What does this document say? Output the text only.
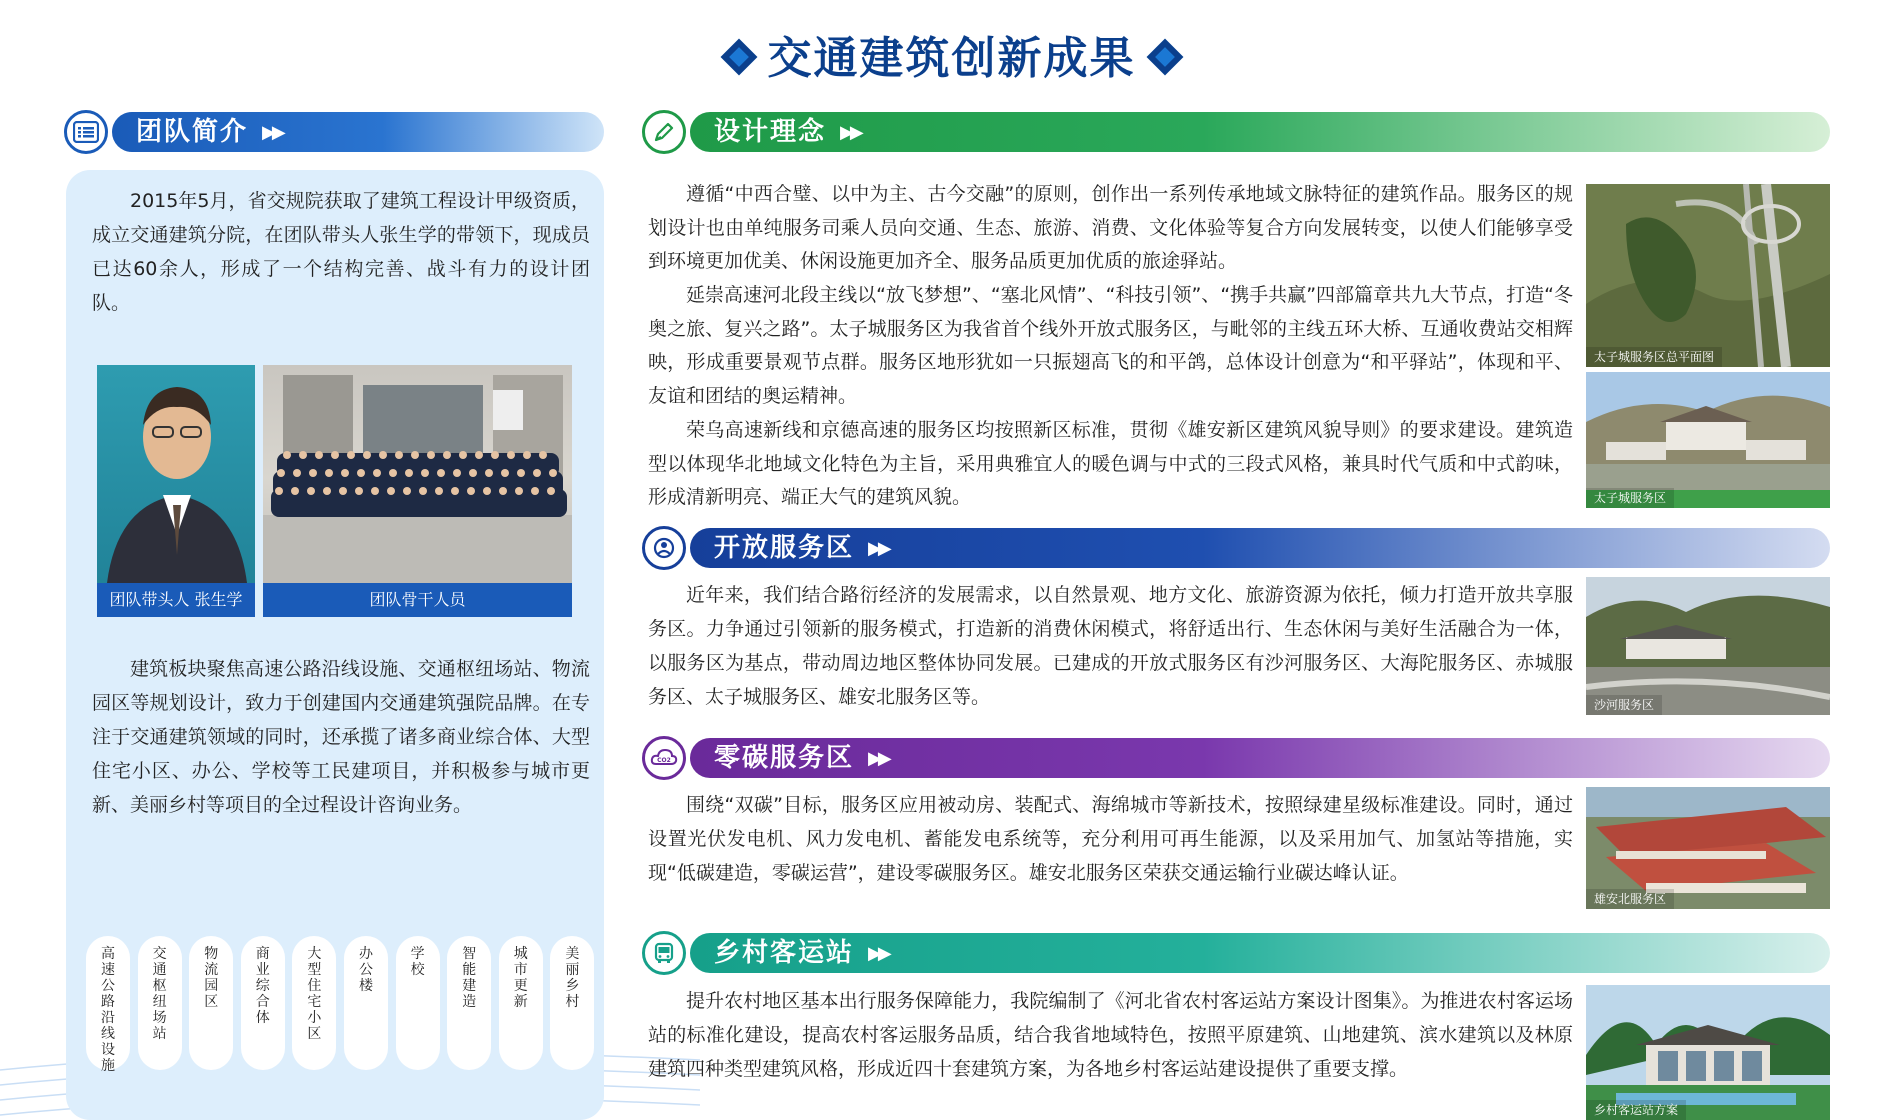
交通建筑创新成果
团队简介 ▶▶

2015年5月，省交规院获取了建筑工程设计甲级资质，成立交通建筑分院，在团队带头人张生学的带领下，现成员已达60余人，形成了一个结构完善、战斗有力的设计团队。

团队带头人 张生学	团队骨干人员

建筑板块聚焦高速公路沿线设施、交通枢纽场站、物流园区等规划设计，致力于创建国内交通建筑强院品牌。在专注于交通建筑领域的同时，还承揽了诸多商业综合体、大型住宅小区、办公、学校等工民建项目，并积极参与城市更新、美丽乡村等项目的全过程设计咨询业务。

高速公路沿线设施
交通枢纽场站
物流园区
商业综合体
大型住宅小区
办公楼
学校
智能建造
城市更新
美丽乡村
设计理念 ▶▶

遵循“中西合璧、以中为主、古今交融”的原则，创作出一系列传承地域文脉特征的建筑作品。服务区的规划设计也由单纯服务司乘人员向交通、生态、旅游、消费、文化体验等复合方向发展转变，以使人们能够享受到环境更加优美、休闲设施更加齐全、服务品质更加优质的旅途驿站。

延崇高速河北段主线以“放飞梦想”、“塞北风情”、“科技引领”、“携手共赢”四部篇章共九大节点，打造“冬奥之旅、复兴之路”。太子城服务区为我省首个线外开放式服务区，与毗邻的主线五环大桥、互通收费站交相辉映，形成重要景观节点群。服务区地形犹如一只振翅高飞的和平鸽，总体设计创意为“和平驿站”，体现和平、友谊和团结的奥运精神。

荣乌高速新线和京德高速的服务区均按照新区标准，贯彻《雄安新区建筑风貌导则》的要求建设。建筑造型以体现华北地域文化特色为主旨，采用典雅宜人的暖色调与中式的三段式风格，兼具时代气质和中式韵味，形成清新明亮、端正大气的建筑风貌。

太子城服务区总平面图
太子城服务区
开放服务区 ▶▶

近年来，我们结合路衍经济的发展需求，以自然景观、地方文化、旅游资源为依托，倾力打造开放共享服务区。力争通过引领新的服务模式，打造新的消费休闲模式，将舒适出行、生态休闲与美好生活融合为一体，以服务区为基点，带动周边地区整体协同发展。已建成的开放式服务区有沙河服务区、大海陀服务区、赤城服务区、太子城服务区、雄安北服务区等。	沙河服务区
零碳服务区 ▶▶
CO2

围绕“双碳”目标，服务区应用被动房、装配式、海绵城市等新技术，按照绿建星级标准建设。同时，通过设置光伏发电机、风力发电机、蓄能发电系统等，充分利用可再生能源，以及采用加气、加氢站等措施，实现“低碳建造，零碳运营”，建设零碳服务区。雄安北服务区荣获交通运输行业碳达峰认证。

雄安北服务区
乡村客运站 ▶▶

提升农村地区基本出行服务保障能力，我院编制了《河北省农村客运站方案设计图集》。为推进农村客运场站的标准化建设，提高农村客运服务品质，结合我省地域特色，按照平原建筑、山地建筑、滨水建筑以及林原建筑四种类型建筑风格，形成近四十套建筑方案，为各地乡村客运站建设提供了重要支撑。

乡村客运站方案
